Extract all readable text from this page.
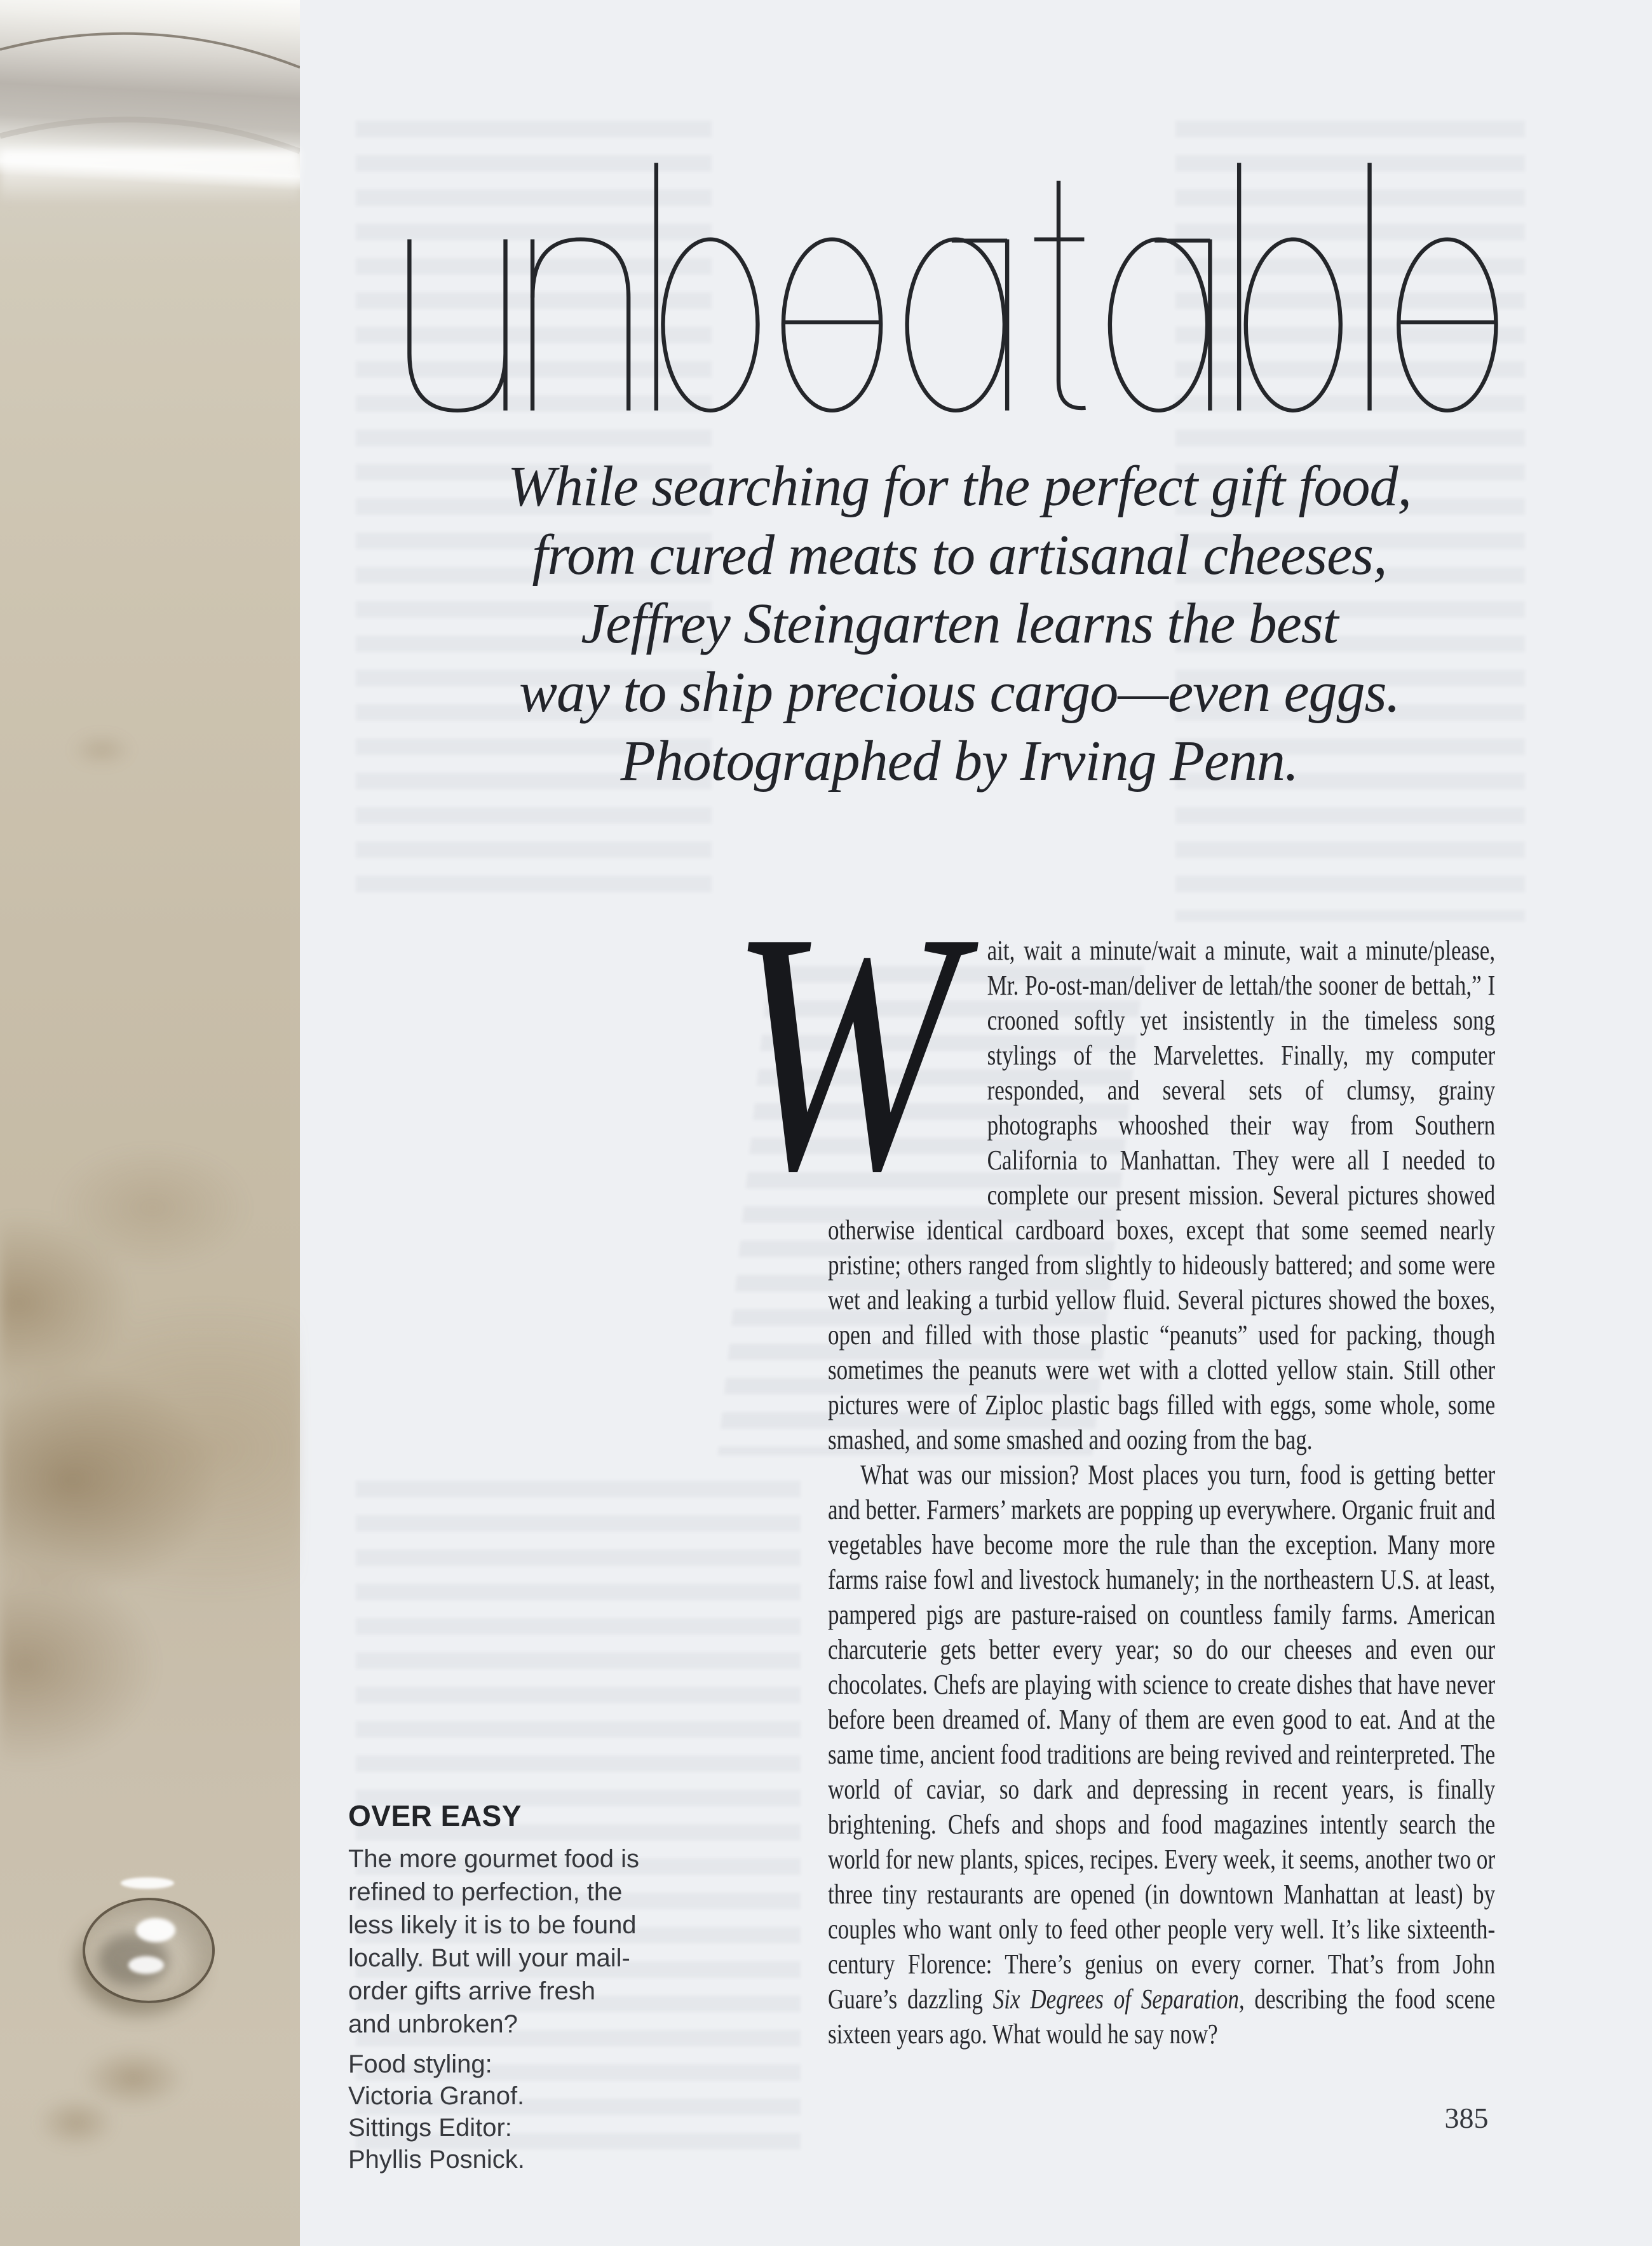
While searching for the perfect gift food,
from cured meats to artisanal cheeses,
Jeffrey Steingarten learns the best
way to ship precious cargo—even eggs.
Photographed by Irving Penn.

W ait, wait a minute/wait a minute, wait a minute/please, Mr. Po-ost-man/deliver de lettah/the sooner de bettah,” I crooned softly yet insistently in the timeless song stylings of the Marvelettes. Finally, my computer responded, and several sets of clumsy, grainy photographs whooshed their way from Southern California to Manhattan. They were all I needed to complete our present mission. Several pictures showed otherwise identical cardboard boxes, except that some seemed nearly pristine; others ranged from slightly to hideously battered; and some were wet and leaking a turbid yellow fluid. Several pictures showed the boxes, open and filled with those plastic “peanuts” used for packing, though sometimes the peanuts were wet with a clotted yellow stain. Still other pictures were of Ziploc plastic bags filled with eggs, some whole, some smashed, and some smashed and oozing from the bag.

What was our mission? Most places you turn, food is getting better and better. Farmers’ markets are popping up everywhere. Organic fruit and vegetables have become more the rule than the exception. Many more farms raise fowl and livestock humanely; in the northeastern U.S. at least, pampered pigs are pasture-raised on countless family farms. American charcuterie gets better every year; so do our cheeses and even our chocolates. Chefs are playing with science to create dishes that have never before been dreamed of. Many of them are even good to eat. And at the same time, ancient food traditions are being revived and reinterpreted. The world of caviar, so dark and depressing in recent years, is finally brightening. Chefs and shops and food magazines intently search the world for new plants, spices, recipes. Every week, it seems, another two or three tiny restaurants are opened (in downtown Manhattan at least) by couples who want only to feed other people very well. It’s like sixteenth-century Florence: There’s genius on every corner. That’s from John Guare’s dazzling Six Degrees of Separation, describing the food scene sixteen years ago. What would he say now?

OVER EASY

The more gourmet food is refined to perfection, the less likely it is to be found locally. But will your mail-order gifts arrive fresh and unbroken?

Food styling:
Victoria Granof.
Sittings Editor:
Phyllis Posnick.
385
